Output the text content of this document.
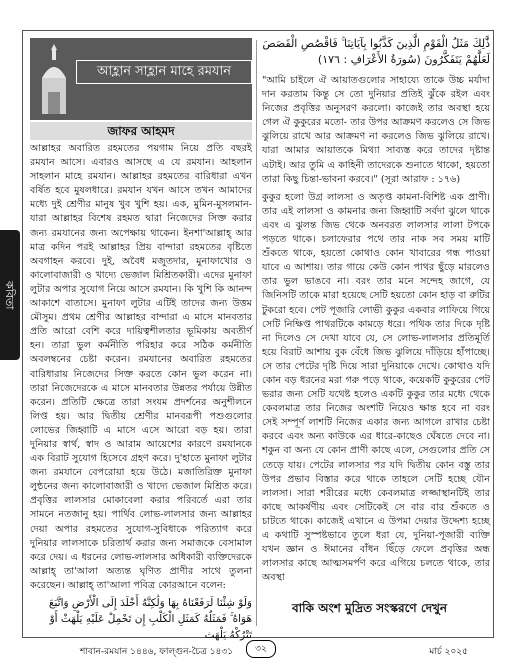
কবিতা
আহ্লান সাহ্লান মাহে রমযান
জাফর আহমদ

আল্লাহর অবারিত রহমতের পয়গাম নিয়ে প্রতি বছরই রমযান আসে। এবারও আসছে এ যে রমযান। আহলান সাহলান মাহে রমযান। আল্লাহর রহমতের বারিধারা এখন বর্ষিত হবে মুষলধারে। রমযান যখন আসে তখন আমাদের মধ্যে দুই শ্রেণীর মানুষ খুব খুশি হয়। এক, মুমিন-মুসলমান- যারা আল্লাহর বিশেষ রহমত দ্বারা নিজেদের সিক্ত করার জন্য রমযানের জন্য অপেক্ষায় থাকেন। ইনশা'আল্লাহ্‌ আর মাত্র কদিন পরই আল্লাহর প্রিয় বান্দারা রহমতের বৃষ্টিতে অবগাহন করবে। দুই, অবৈধ মজুতদার, মুনাফাখোর ও কালোবাজারী ও খাদ্যে ভেজাল মিশ্রিতকারী। এদের মুনাফা লুটার অপার সুযোগ নিয়ে আসে রমযান। কি খুশি কি আনন্দ আকাশে বাতাসে। মুনাফা লুটার এটিই তাদের জন্য উত্তম মৌসুম। প্রথম শ্রেণীর আল্লাহর বান্দারা এ মাসে মানবতার প্রতি আরো বেশি করে দায়িত্বশীলতার ভূমিকায় অবতীর্ণ হন। তারা ভুল কর্মনীতি পরিহার করে সঠিক কর্মনীতি অবলম্বনের চেষ্টা করেন। রমযানের অবারিত রহমতের বারিধারায় নিজেদের সিক্ত করতে কোন ভুল করেন না। তারা নিজেদেরকে এ মাসে মানবতার উন্নতর পর্যায়ে উন্নীত করেন। প্রতিটি ক্ষেত্রে তারা সংযম প্রদর্শনের অনুশীলনে লিপ্ত হয়। আর দ্বিতীয় শ্রেণীর মানবরূপী পশুগুলোর লোভের জিহ্বাটি এ মাসে এসে আরো বড় হয়। তারা দুনিয়ার স্বার্থ, স্বাদ ও আরাম আয়েশের কারণে রমযানকে এক বিরাট সুযোগ হিসেবে গ্রহণ করে। দু'হাতে মুনাফা লুটার জন্য রমযানে বেপরোয়া হয়ে উঠে। মজাতিরিক্ত মুনাফা লুন্ঠনের জন্য কালোবাজারী ও খাদ্যে ভেজাল মিশ্রিত করে। প্রবৃত্তির লালসার মোকাবেলা করার পরিবর্তে এরা তার সামনে নতজানু হয়। পার্থিব লোভ-লালসার জন্য আল্লাহর দেয়া অপার রহমতের সুযোগ-সুবিধাকে পরিত্যাগ করে দুনিয়ার লালসাকে চরিতার্থ করার জন্য সমাজকে বেসামাল করে দেয়। এ ধরনের লোভ-লালসার অধিকারী ব্যক্তিদেরকে আল্লাহ্‌ তা'আলা অত্যন্ত ঘৃণিত প্রাণীর সাথে তুলনা করেছেন। আল্লাহ্‌ তা'আলা পবিত্র কোরআনে বলেন:

وَلَوْ شِئْنَا لَرَفَعْنَاهُ بِهَا وَلَٰكِنَّهُ أَخْلَدَ إِلَى الْأَرْضِ وَاتَّبَعَ هَوَاهُ ۚ فَمَثَلُهُ كَمَثَلِ الْكَلْبِ إِن تَحْمِلْ عَلَيْهِ يَلْهَثْ أَوْ تَتْرُكْهُ يَلْهَث

ذَّٰلِكَ مَثَلُ الْقَوْمِ الَّذِينَ كَذَّبُوا بِآيَاتِنَا ۚ فَاقْصُصِ الْقَصَصَ لَعَلَّهُمْ يَتَفَكَّرُونَ (سُورَةُ الأَعْرَافِ : ١٧٦)

"আমি চাইলে ঐ আয়াতগুলোর সাহায্যে তাকে উচ্চ মর্যাদা দান করতাম কিন্তু সে তো দুনিয়ার প্রতিই ঝুঁকে রইল এবং নিজের প্রবৃত্তির অনুসরণ করলো। কাজেই তার অবস্থা হয়ে গেল ঐ কুকুরের মতো- তার উপর আক্রমণ করলেও সে জিভ ঝুলিয়ে রাখে আর আক্রমণ না করলেও জিভ ঝুলিয়ে রাখে। যারা আমার আয়াতকে মিথ্যা সাব্যস্ত করে তাদের দৃষ্টান্ত এটাই। আর তুমি এ কাহিনী তাদেরকে শুনাতে থাকো, হয়তো তারা কিছু চিন্তা-ভাবনা করবে।" (সূরা আরাফ : ১৭৬)

কুকুর হলো উগ্র লালসা ও অতৃপ্ত কামনা-বিশিষ্ট এক প্রাণী। তার এই লালসা ও কামনার জন্য জিহ্বাটি সর্বদা ঝুলে থাকে এবং এ ঝুলন্ত জিভ থেকে অনবরত লালসার লালা টপকে পড়তে থাকে। চলাফেরার পথে তার নাক সব সময় মাটি শুঁকতে থাকে, হয়তো কোথাও কোন খাবারের গন্ধ পাওয়া যাবে এ আশায়। তার গায়ে কেউ কোন পাথর ছুঁড়ে মারলেও তার ভুল ভাঙবে না। বরং তার মনে সন্দেহ জাগে, যে জিনিসটি তাকে মারা হয়েছে সেটি হয়তো কোন হাড় বা রুটির টুকরো হবে। পেট পূজারি লোভী কুকুর একবার লাফিয়ে গিয়ে সেটি নিক্ষিপ্ত পাথরটিকে কামড়ে ধরে। পথিক তার দিকে দৃষ্টি না দিলেও সে দেখা যাবে যে, সে লোভ-লালসার প্রতিমূর্তি হয়ে বিরাট আশায় বুক বেঁধে জিভ ঝুলিয়ে দাঁড়িয়ে হাঁপাচ্ছে। সে তার পেটের দৃষ্টি দিয়ে সারা দুনিয়াকে দেখে। কোথাও যদি কোন বড় ধরনের মরা গরু পড়ে থাকে, কয়েকটি কুকুরের পেট ভরার জন্য সেটি যথেষ্ট হলেও একটি কুকুর তার মধ্যে থেকে কেবলমাত্র তার নিজের অংশটি নিয়েও ক্ষান্ত হবে না বরং সেই সম্পূর্ণ লাশটি নিজের একার জন্য আগলে রাখার চেষ্টা করবে এবং অন্য কাউকে এর ধারে-কাছেও ঘেঁষতে দেবে না। শকুন বা অন্য যে কোন প্রাণী কাছে এলে, সেগুলোর প্রতি সে তেড়ে যায়। পেটের লালসার পর যদি দ্বিতীয় কোন বস্তু তার উপর প্রভাব বিস্তার করে থাকে তাহলে সেটি হচ্ছে যৌন লালসা। সারা শরীরের মধ্যে কেবলমাত্র লজ্জাস্থানটিই তার কাছে আকর্ষণীয় এবং সেটিকেই সে বার বার শুঁকতে ও চাটতে থাকে। কাজেই এখানে এ উপমা দেয়ার উদ্দেশ্য হচ্ছে এ কথাটি সুস্পষ্টভাবে তুলে ধরা যে, দুনিয়া-পূজারী ব্যক্তি যখন জ্ঞান ও ঈমানের বাঁধন ছিঁড়ে ফেলে প্রবৃত্তির অন্ধ লালসার কাছে আত্মসমর্পণ করে এগিয়ে চলতে থাকে, তার অবস্থা

বাকি অংশ মুদ্রিত সংস্করণে দেখুন
শাবান-রমযান ১৪৪৬, ফাল্গুন-চৈত্র ১৪৩১	৩২	মার্চ ২০২৫
